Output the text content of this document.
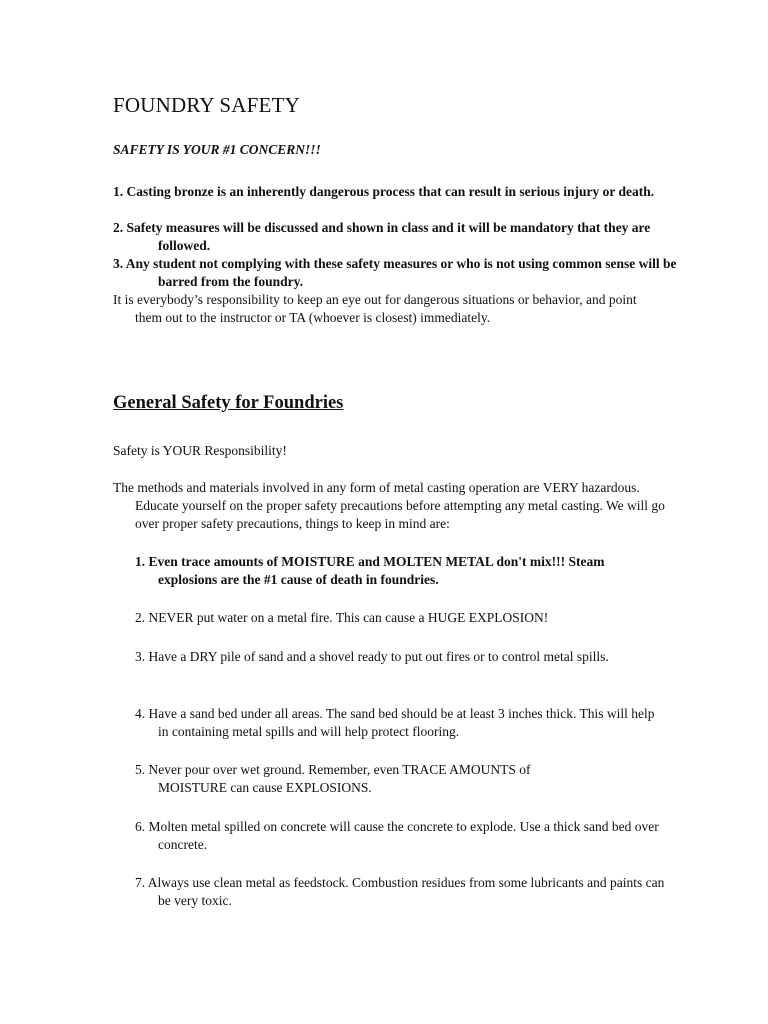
FOUNDRY SAFETY
SAFETY IS YOUR #1 CONCERN!!!
1. Casting bronze is an inherently dangerous process that can result in serious injury or death.
2. Safety measures will be discussed and shown in class and it will be mandatory that they are followed.
3. Any student not complying with these safety measures or who is not using common sense will be barred from the foundry.
It is everybody’s responsibility to keep an eye out for dangerous situations or behavior, and point them out to the instructor or TA (whoever is closest) immediately.
General Safety for Foundries
Safety is YOUR Responsibility!
The methods and materials involved in any form of metal casting operation are VERY hazardous. Educate yourself on the proper safety precautions before attempting any metal casting. We will go over proper safety precautions, things to keep in mind are:
1. Even trace amounts of MOISTURE and MOLTEN METAL don't mix!!! Steam explosions are the #1 cause of death in foundries.
2. NEVER put water on a metal fire. This can cause a HUGE EXPLOSION!
3. Have a DRY pile of sand and a shovel ready to put out fires or to control metal spills.
4. Have a sand bed under all areas. The sand bed should be at least 3 inches thick. This will help in containing metal spills and will help protect flooring.
5. Never pour over wet ground. Remember, even TRACE AMOUNTS of MOISTURE can cause EXPLOSIONS.
6. Molten metal spilled on concrete will cause the concrete to explode. Use a thick sand bed over concrete.
7. Always use clean metal as feedstock. Combustion residues from some lubricants and paints can be very toxic.
